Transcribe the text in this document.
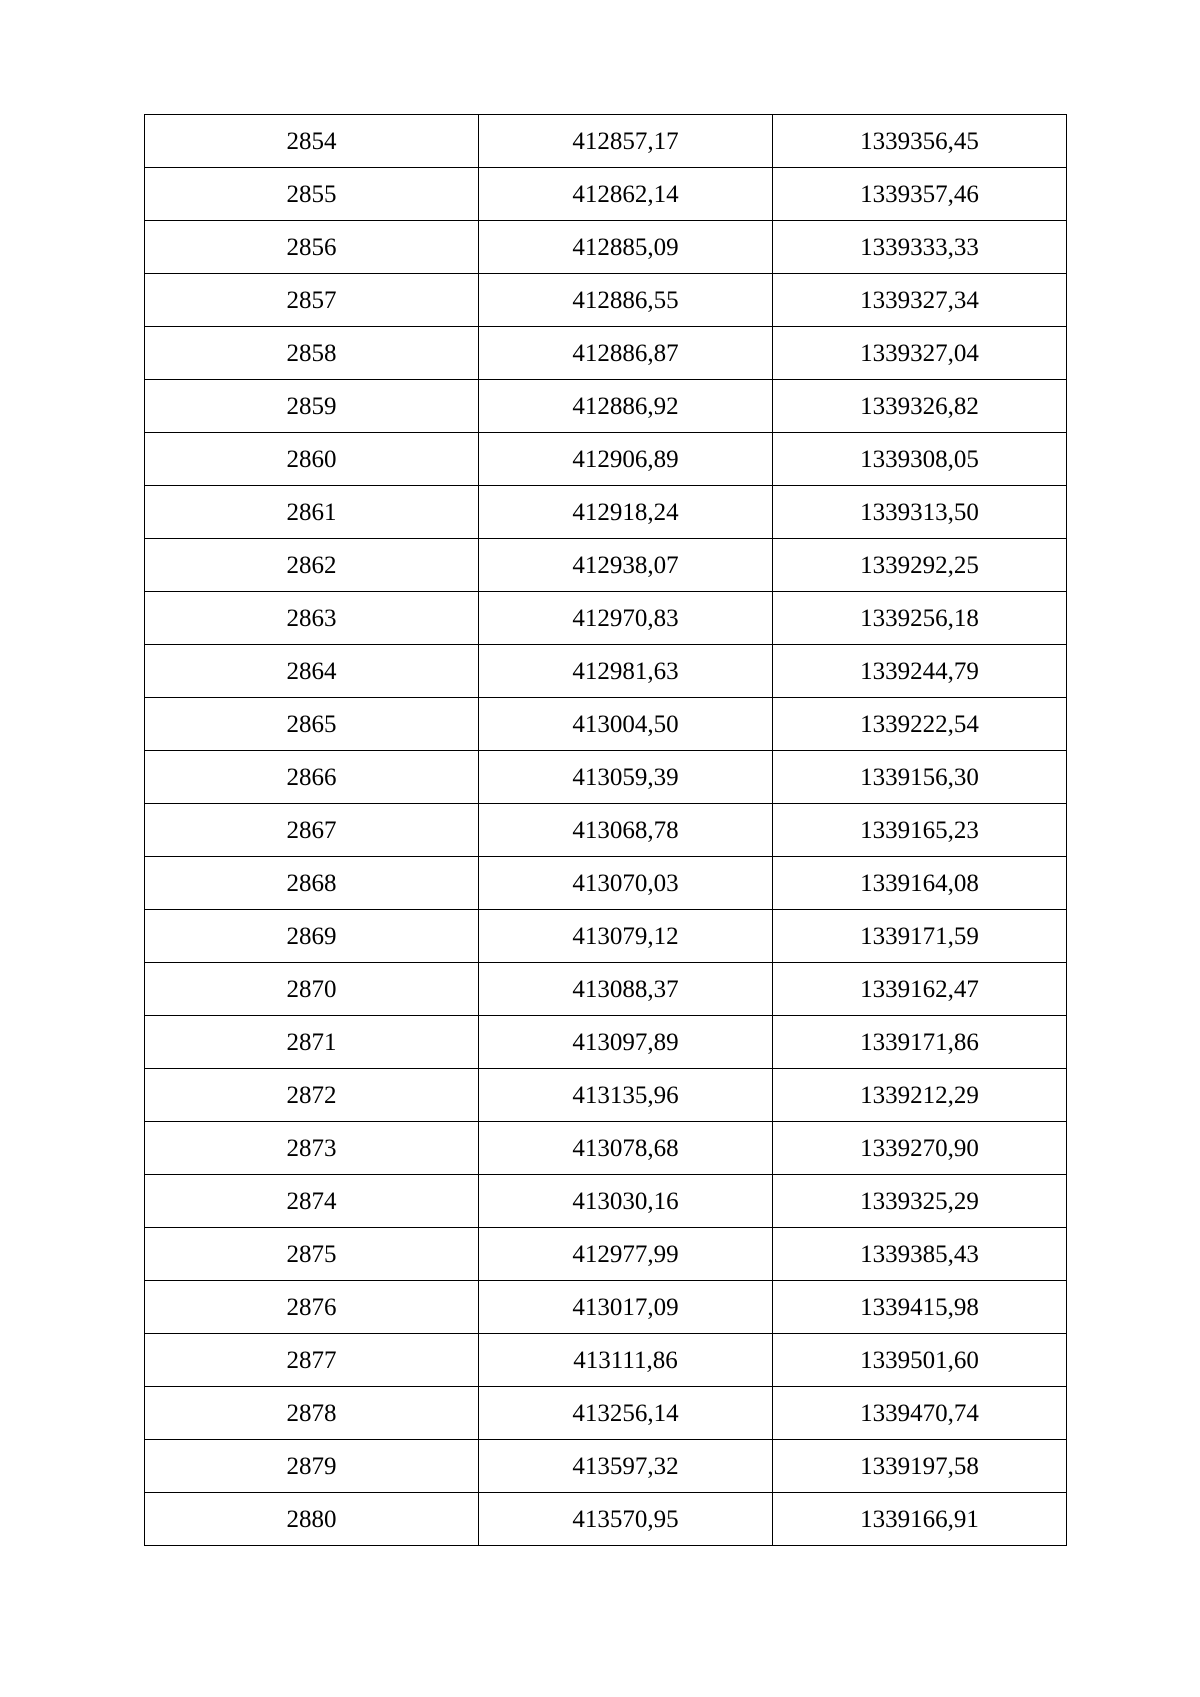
2854	412857,17	1339356,45
2855	412862,14	1339357,46
2856	412885,09	1339333,33
2857	412886,55	1339327,34
2858	412886,87	1339327,04
2859	412886,92	1339326,82
2860	412906,89	1339308,05
2861	412918,24	1339313,50
2862	412938,07	1339292,25
2863	412970,83	1339256,18
2864	412981,63	1339244,79
2865	413004,50	1339222,54
2866	413059,39	1339156,30
2867	413068,78	1339165,23
2868	413070,03	1339164,08
2869	413079,12	1339171,59
2870	413088,37	1339162,47
2871	413097,89	1339171,86
2872	413135,96	1339212,29
2873	413078,68	1339270,90
2874	413030,16	1339325,29
2875	412977,99	1339385,43
2876	413017,09	1339415,98
2877	413111,86	1339501,60
2878	413256,14	1339470,74
2879	413597,32	1339197,58
2880	413570,95	1339166,91
